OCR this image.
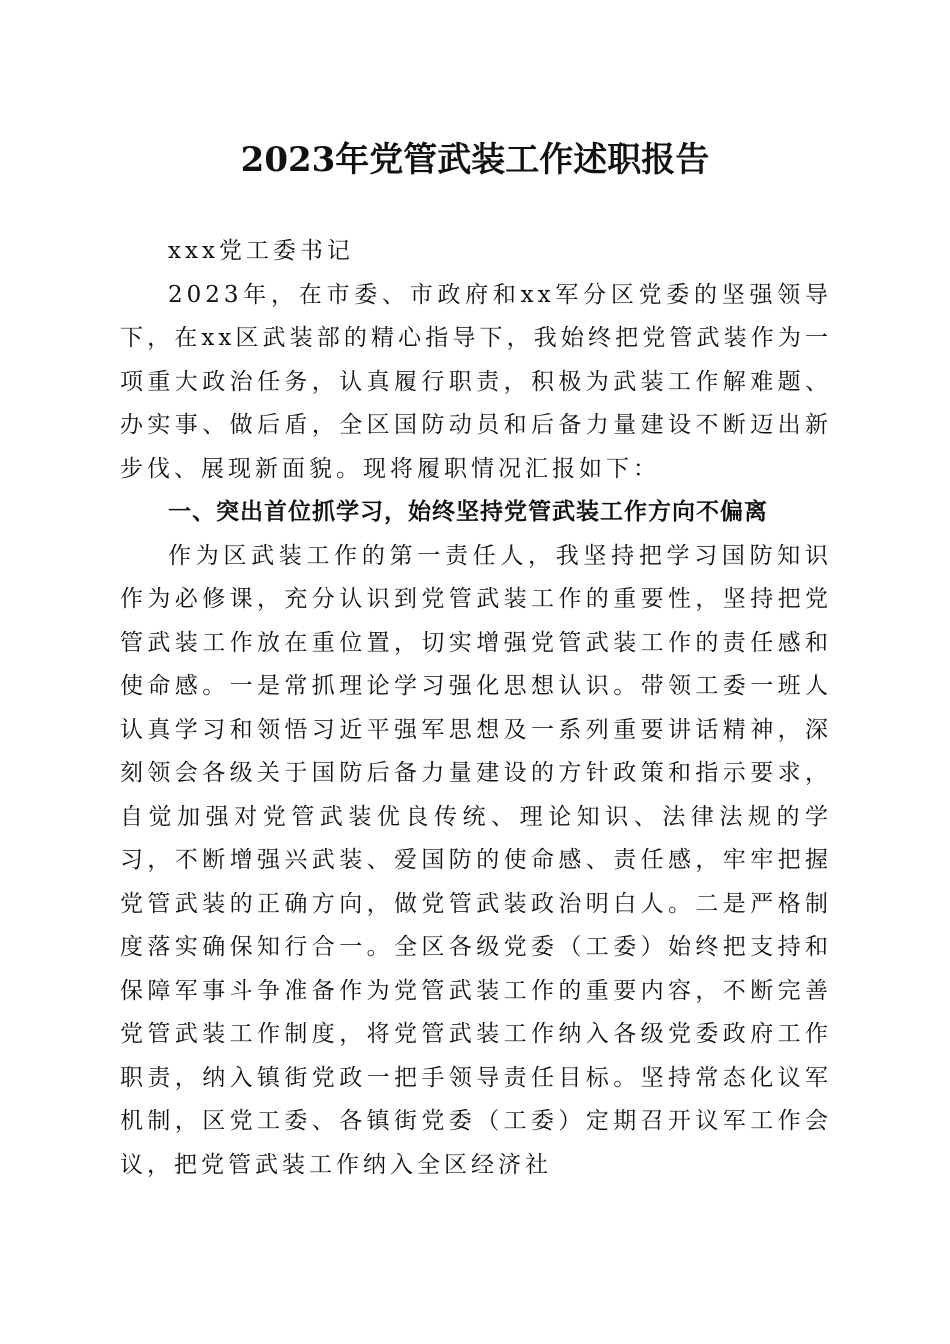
2023年党管武装工作述职报告

xxx党工委书记

2023年，在市委、市政府和xx军分区党委的坚强领导下，在xx区武装部的精心指导下，我始终把党管武装作为一项重大政治任务，认真履行职责，积极为武装工作解难题、办实事、做后盾，全区国防动员和后备力量建设不断迈出新步伐、展现新面貌。现将履职情况汇报如下：

一、突出首位抓学习，始终坚持党管武装工作方向不偏离

作为区武装工作的第一责任人，我坚持把学习国防知识作为必修课，充分认识到党管武装工作的重要性，坚持把党管武装工作放在重位置，切实增强党管武装工作的责任感和使命感。一是常抓理论学习强化思想认识。带领工委一班人认真学习和领悟习近平强军思想及一系列重要讲话精神，深刻领会各级关于国防后备力量建设的方针政策和指示要求，自觉加强对党管武装优良传统、理论知识、法律法规的学习，不断增强兴武装、爱国防的使命感、责任感，牢牢把握党管武装的正确方向，做党管武装政治明白人。二是严格制度落实确保知行合一。全区各级党委（工委）始终把支持和保障军事斗争准备作为党管武装工作的重要内容，不断完善党管武装工作制度，将党管武装工作纳入各级党委政府工作职责，纳入镇街党政一把手领导责任目标。坚持常态化议军机制，区党工委、各镇街党委（工委）定期召开议军工作会议，把党管武装工作纳入全区经济社
